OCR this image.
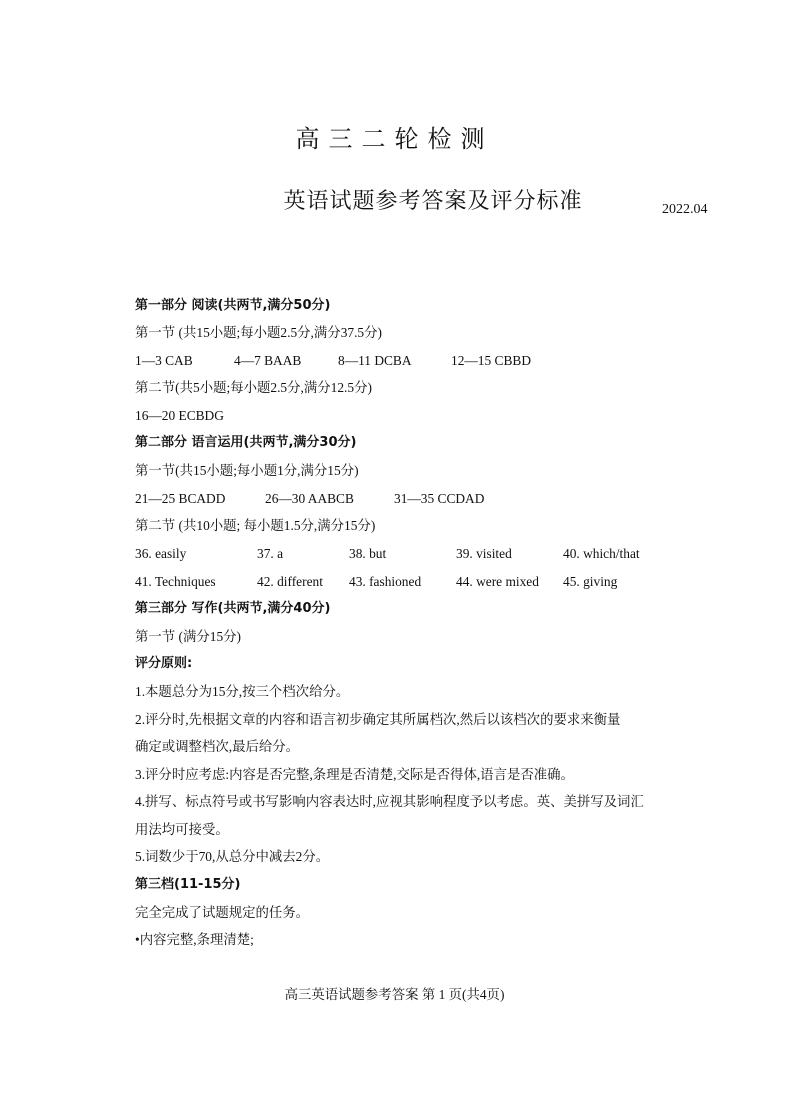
高三二轮检测
英语试题参考答案及评分标准	2022.04
第一部分 阅读(共两节,满分50分)
第一节 (共15小题;每小题2.5分,满分37.5分)
1—3 CAB	4—7 BAAB	8—11 DCBA	12—15 CBBD
第二节(共5小题;每小题2.5分,满分12.5分)
16—20 ECBDG
第二部分 语言运用(共两节,满分30分)
第一节(共15小题;每小题1分,满分15分)
21—25 BCADD	26—30 AABCB	31—35 CCDAD
第二节 (共10小题; 每小题1.5分,满分15分)
36. easily	37. a	38. but	39. visited	40. which/that
41. Techniques	42. different 43. fashioned	44. were mixed 45. giving
第三部分 写作(共两节,满分40分)
第一节 (满分15分)
评分原则:
1.本题总分为15分,按三个档次给分。
2.评分时,先根据文章的内容和语言初步确定其所属档次,然后以该档次的要求来衡量
确定或调整档次,最后给分。
3.评分时应考虑:内容是否完整,条理是否清楚,交际是否得体,语言是否准确。
4.拼写、标点符号或书写影响内容表达时,应视其影响程度予以考虑。英、美拼写及词汇
用法均可接受。
5.词数少于70,从总分中减去2分。
第三档(11-15分)
完全完成了试题规定的任务。
•内容完整,条理清楚;
高三英语试题参考答案 第 1 页(共4页)
